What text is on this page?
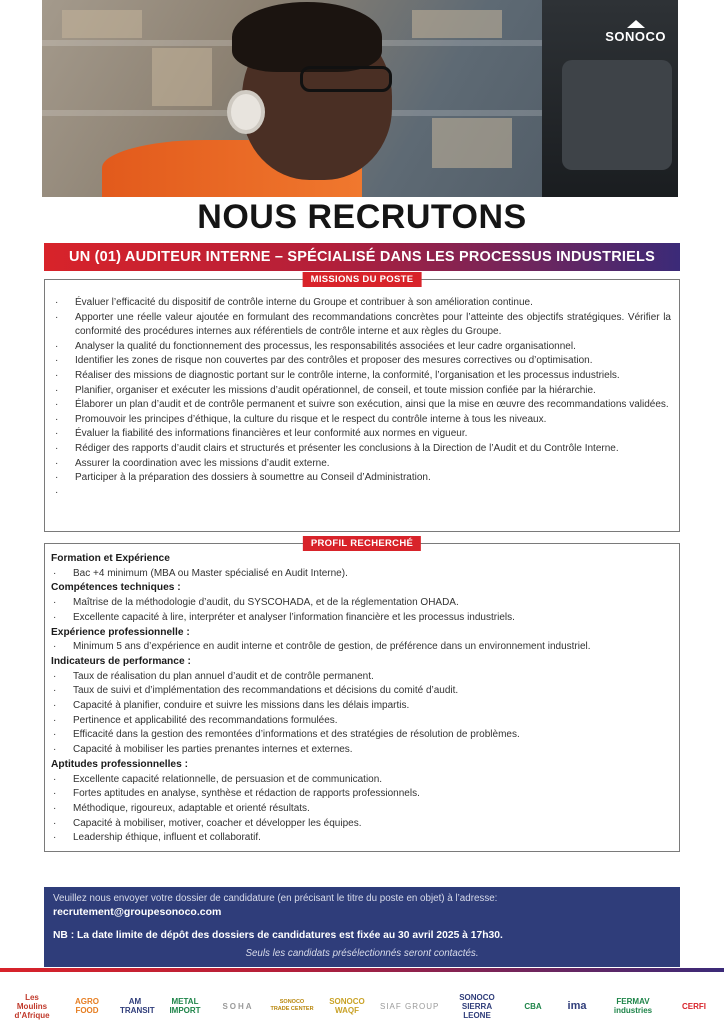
SONOCO
NOUS RECRUTONS
UN (01) AUDITEUR INTERNE – SPÉCIALISÉ DANS LES PROCESSUS INDUSTRIELS
MISSIONS DU POSTE
· Évaluer l’efficacité du dispositif de contrôle interne du Groupe et contribuer à son amélioration continue.
· Apporter une réelle valeur ajoutée en formulant des recommandations concrètes pour l’atteinte des objectifs stratégiques. Vérifier la conformité des procédures internes aux référentiels de contrôle interne et aux règles du Groupe.
· Analyser la qualité du fonctionnement des processus, les responsabilités associées et leur cadre organisationnel.
· Identifier les zones de risque non couvertes par des contrôles et proposer des mesures correctives ou d’optimisation.
· Réaliser des missions de diagnostic portant sur le contrôle interne, la conformité, l’organisation et les processus industriels.
· Planifier, organiser et exécuter les missions d’audit opérationnel, de conseil, et toute mission confiée par la hiérarchie.
· Élaborer un plan d’audit et de contrôle permanent et suivre son exécution, ainsi que la mise en œuvre des recommandations validées.
· Promouvoir les principes d’éthique, la culture du risque et le respect du contrôle interne à tous les niveaux.
· Évaluer la fiabilité des informations financières et leur conformité aux normes en vigueur.
· Rédiger des rapports d’audit clairs et structurés et présenter les conclusions à la Direction de l’Audit et du Contrôle Interne.
· Assurer la coordination avec les missions d’audit externe.
· Participer à la préparation des dossiers à soumettre au Conseil d’Administration.
·
PROFIL RECHERCHÉ
Formation et Expérience
· Bac +4 minimum (MBA ou Master spécialisé en Audit Interne).
Compétences techniques :
· Maîtrise de la méthodologie d’audit, du SYSCOHADA, et de la réglementation OHADA.
· Excellente capacité à lire, interpréter et analyser l’information financière et les processus industriels.
Expérience professionnelle :
· Minimum 5 ans d’expérience en audit interne et contrôle de gestion, de préférence dans un environnement industriel.
Indicateurs de performance :
· Taux de réalisation du plan annuel d’audit et de contrôle permanent.
· Taux de suivi et d’implémentation des recommandations et décisions du comité d’audit.
· Capacité à planifier, conduire et suivre les missions dans les délais impartis.
· Pertinence et applicabilité des recommandations formulées.
· Efficacité dans la gestion des remontées d’informations et des stratégies de résolution de problèmes.
· Capacité à mobiliser les parties prenantes internes et externes.
Aptitudes professionnelles :
· Excellente capacité relationnelle, de persuasion et de communication.
· Fortes aptitudes en analyse, synthèse et rédaction de rapports professionnels.
· Méthodique, rigoureux, adaptable et orienté résultats.
· Capacité à mobiliser, motiver, coacher et développer les équipes.
· Leadership éthique, influent et collaboratif.
Veuillez nous envoyer votre dossier de candidature (en précisant le titre du poste en objet) à l’adresse:
recrutement@groupesonoco.com
NB : La date limite de dépôt des dossiers de candidatures est fixée au 30 avril 2025 à 17h30.
Seuls les candidats présélectionnés seront contactés.
Les Moulins d’Afrique
AGRO FOOD
AM TRANSIT
METAL IMPORT	SOHA	SONOCO TRADE CENTER
SONOCO WAQF	SIAF GROUP
SONOCO SIERRA LEONE
CBA	ima	FERMAV industries	CERFI
